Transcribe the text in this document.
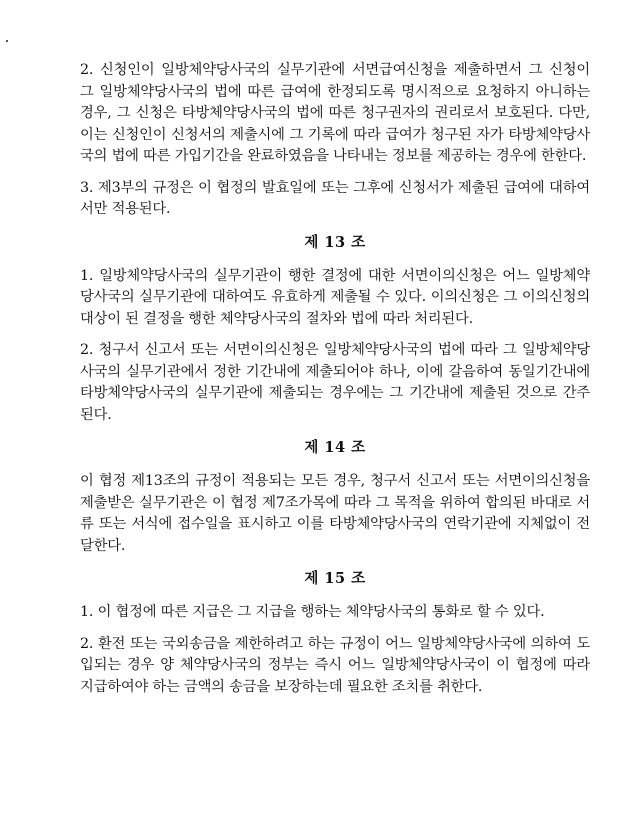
2. 신청인이 일방체약당사국의 실무기관에 서면급여신청을 제출하면서 그 신청이 그 일방체약당사국의 법에 따른 급여에 한정되도록 명시적으로 요청하지 아니하는 경우, 그 신청은 타방체약당사국의 법에 따른 청구권자의 권리로서 보호된다. 다만, 이는 신청인이 신청서의 제출시에 그 기록에 따라 급여가 청구된 자가 타방체약당사국의 법에 따른 가입기간을 완료하였음을 나타내는 정보를 제공하는 경우에 한한다.

3. 제3부의 규정은 이 협정의 발효일에 또는 그후에 신청서가 제출된 급여에 대하여서만 적용된다.

제 13 조

1. 일방체약당사국의 실무기관이 행한 결정에 대한 서면이의신청은 어느 일방체약당사국의 실무기관에 대하여도 유효하게 제출될 수 있다. 이의신청은 그 이의신청의 대상이 된 결정을 행한 체약당사국의 절차와 법에 따라 처리된다.

2. 청구서 신고서 또는 서면이의신청은 일방체약당사국의 법에 따라 그 일방체약당사국의 실무기관에서 정한 기간내에 제출되어야 하나, 이에 갈음하여 동일기간내에 타방체약당사국의 실무기관에 제출되는 경우에는 그 기간내에 제출된 것으로 간주된다.

제 14 조

이 협정 제13조의 규정이 적용되는 모든 경우, 청구서 신고서 또는 서면이의신청을 제출받은 실무기관은 이 협정 제7조가목에 따라 그 목적을 위하여 합의된 바대로 서류 또는 서식에 접수일을 표시하고 이를 타방체약당사국의 연락기관에 지체없이 전달한다.

제 15 조

1. 이 협정에 따른 지급은 그 지급을 행하는 체약당사국의 통화로 할 수 있다.

2. 환전 또는 국외송금을 제한하려고 하는 규정이 어느 일방체약당사국에 의하여 도입되는 경우 양 체약당사국의 정부는 즉시 어느 일방체약당사국이 이 협정에 따라 지급하여야 하는 금액의 송금을 보장하는데 필요한 조치를 취한다.
